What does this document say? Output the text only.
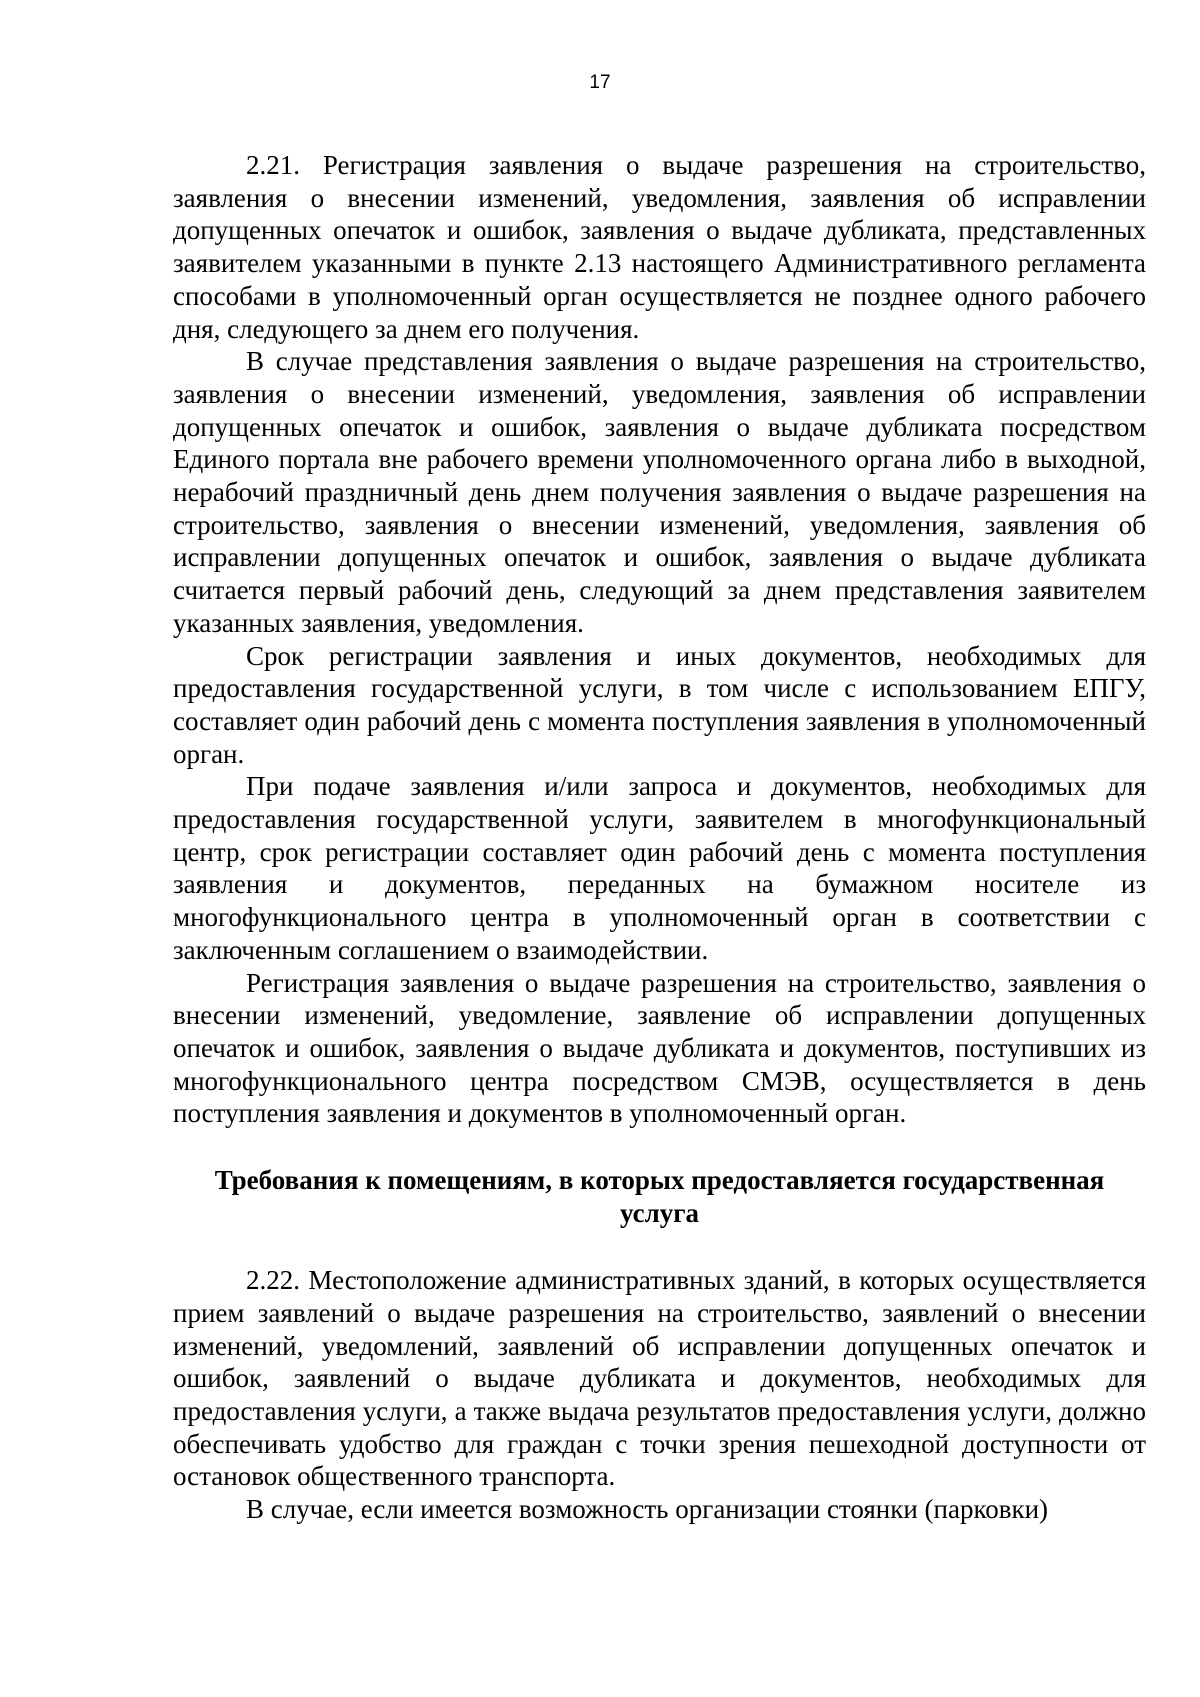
17

2.21. Регистрация заявления о выдаче разрешения на строительство, заявления о внесении изменений, уведомления, заявления об исправлении допущенных опечаток и ошибок, заявления о выдаче дубликата, представленных заявителем указанными в пункте 2.13 настоящего Административного регламента способами в уполномоченный орган осуществляется не позднее одного рабочего дня, следующего за днем его получения.

В случае представления заявления о выдаче разрешения на строительство, заявления о внесении изменений, уведомления, заявления об исправлении допущенных опечаток и ошибок, заявления о выдаче дубликата посредством Единого портала вне рабочего времени уполномоченного органа либо в выходной, нерабочий праздничный день днем получения заявления о выдаче разрешения на строительство, заявления о внесении изменений, уведомления, заявления об исправлении допущенных опечаток и ошибок, заявления о выдаче дубликата считается первый рабочий день, следующий за днем представления заявителем указанных заявления, уведомления.

Срок регистрации заявления и иных документов, необходимых для предоставления государственной услуги, в том числе с использованием ЕПГУ, составляет один рабочий день с момента поступления заявления в уполномоченный орган.

При подаче заявления и/или запроса и документов, необходимых для предоставления государственной услуги, заявителем в многофункциональный центр, срок регистрации составляет один рабочий день с момента поступления заявления и документов, переданных на бумажном носителе из многофункционального центра в уполномоченный орган в соответствии с заключенным соглашением о взаимодействии.

Регистрация заявления о выдаче разрешения на строительство, заявления о внесении изменений, уведомление, заявление об исправлении допущенных опечаток и ошибок, заявления о выдаче дубликата и документов, поступивших из многофункционального центра посредством СМЭВ, осуществляется в день поступления заявления и документов в уполномоченный орган.

Требования к помещениям, в которых предоставляется государственная
услуга

2.22. Местоположение административных зданий, в которых осуществляется прием заявлений о выдаче разрешения на строительство, заявлений о внесении изменений, уведомлений, заявлений об исправлении допущенных опечаток и ошибок, заявлений о выдаче дубликата и документов, необходимых для предоставления услуги, а также выдача результатов предоставления услуги, должно обеспечивать удобство для граждан с точки зрения пешеходной доступности от остановок общественного транспорта.

В случае, если имеется возможность организации стоянки (парковки)
